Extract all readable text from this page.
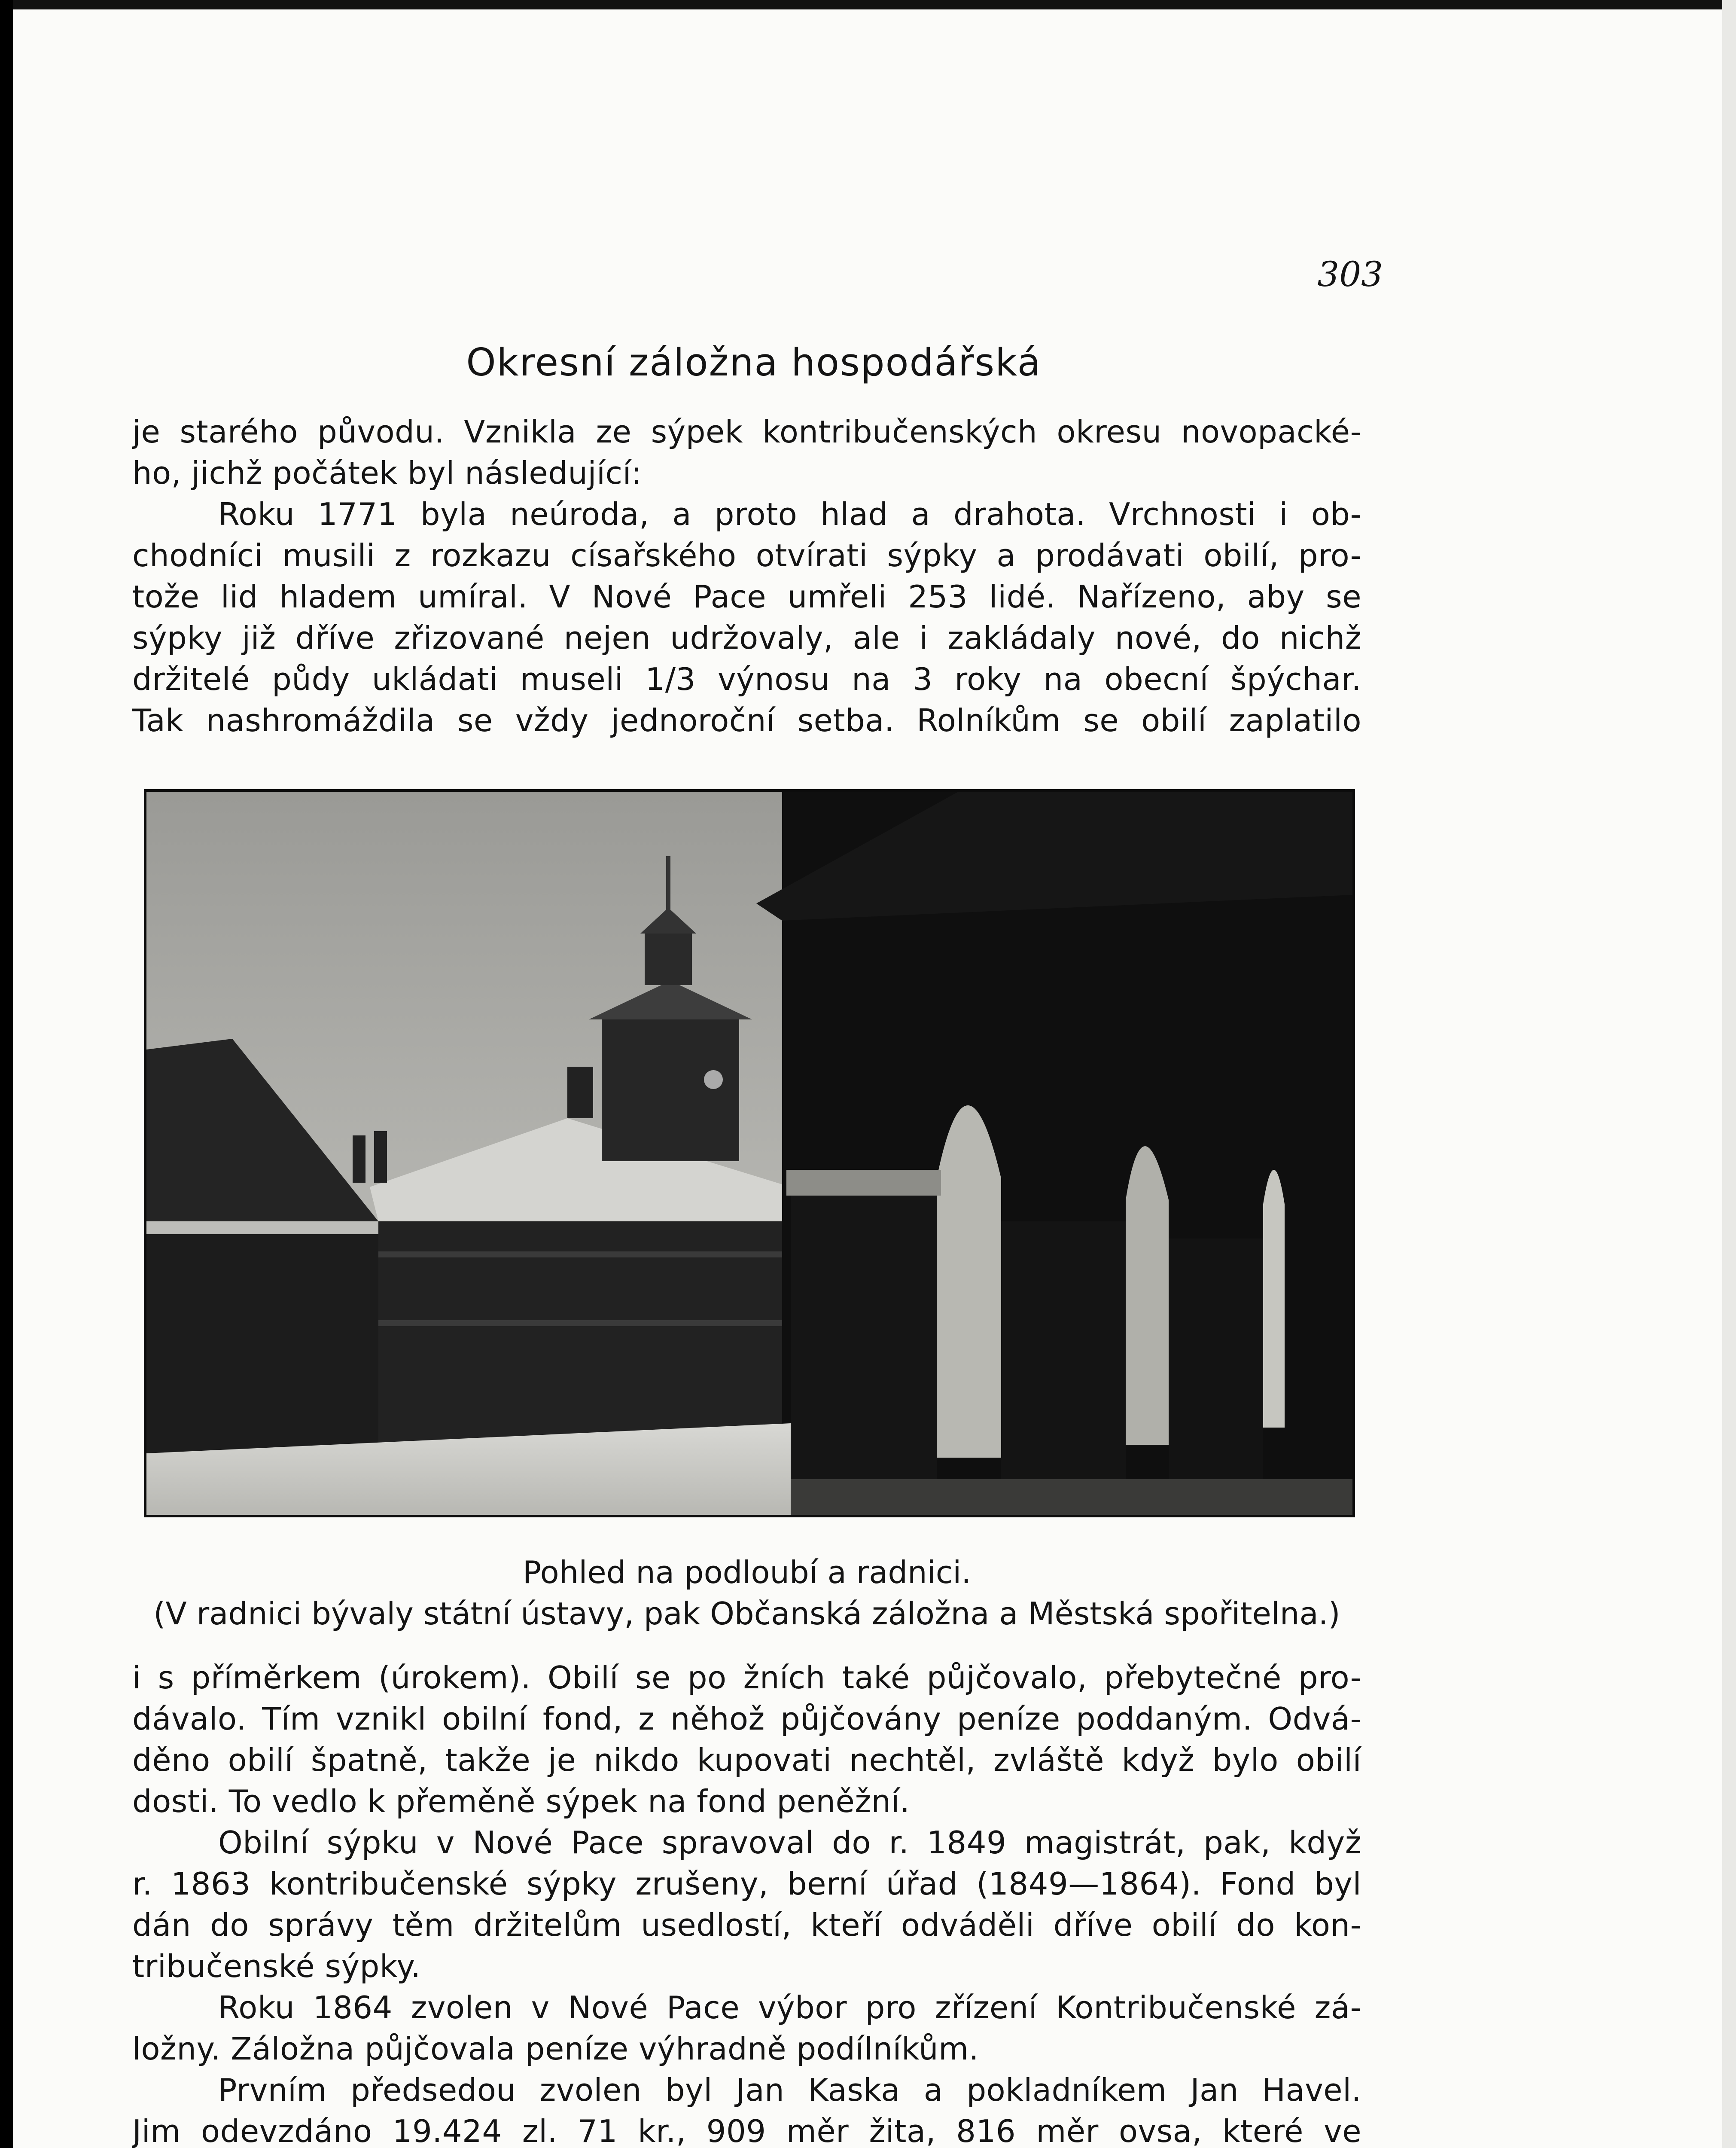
303
Okresní záložna hospodářská
je starého původu. Vznikla ze sýpek kontribučenských okresu novopacké-
ho, jichž počátek byl následující:
Roku 1771 byla neúroda, a proto hlad a drahota. Vrchnosti i ob-
chodníci musili z rozkazu císařského otvírati sýpky a prodávati obilí, pro-
tože lid hladem umíral. V Nové Pace umřeli 253 lidé. Nařízeno, aby se
sýpky již dříve zřizované nejen udržovaly, ale i zakládaly nové, do nichž
držitelé půdy ukládati museli 1/3 výnosu na 3 roky na obecní špýchar.
Tak nashromáždila se vždy jednoroční setba. Rolníkům se obilí zaplatilo
Pohled na podloubí a radnici.
(V radnici bývaly státní ústavy, pak Občanská záložna a Městská spořitelna.)
i s příměrkem (úrokem). Obilí se po žních také půjčovalo, přebytečné pro-
dávalo. Tím vznikl obilní fond, z něhož půjčovány peníze poddaným. Odvá-
děno obilí špatně, takže je nikdo kupovati nechtěl, zvláště když bylo obilí
dosti. To vedlo k přeměně sýpek na fond peněžní.
Obilní sýpku v Nové Pace spravoval do r. 1849 magistrát, pak, když
r. 1863 kontribučenské sýpky zrušeny, berní úřad (1849—1864). Fond byl
dán do správy těm držitelům usedlostí, kteří odváděli dříve obilí do kon-
tribučenské sýpky.
Roku 1864 zvolen v Nové Pace výbor pro zřízení Kontribučenské zá-
ložny. Záložna půjčovala peníze výhradně podílníkům.
Prvním předsedou zvolen byl Jan Kaska a pokladníkem Jan Havel.
Jim odevzdáno 19.424 zl. 71 kr., 909 měr žita, 816 měr ovsa, které ve
